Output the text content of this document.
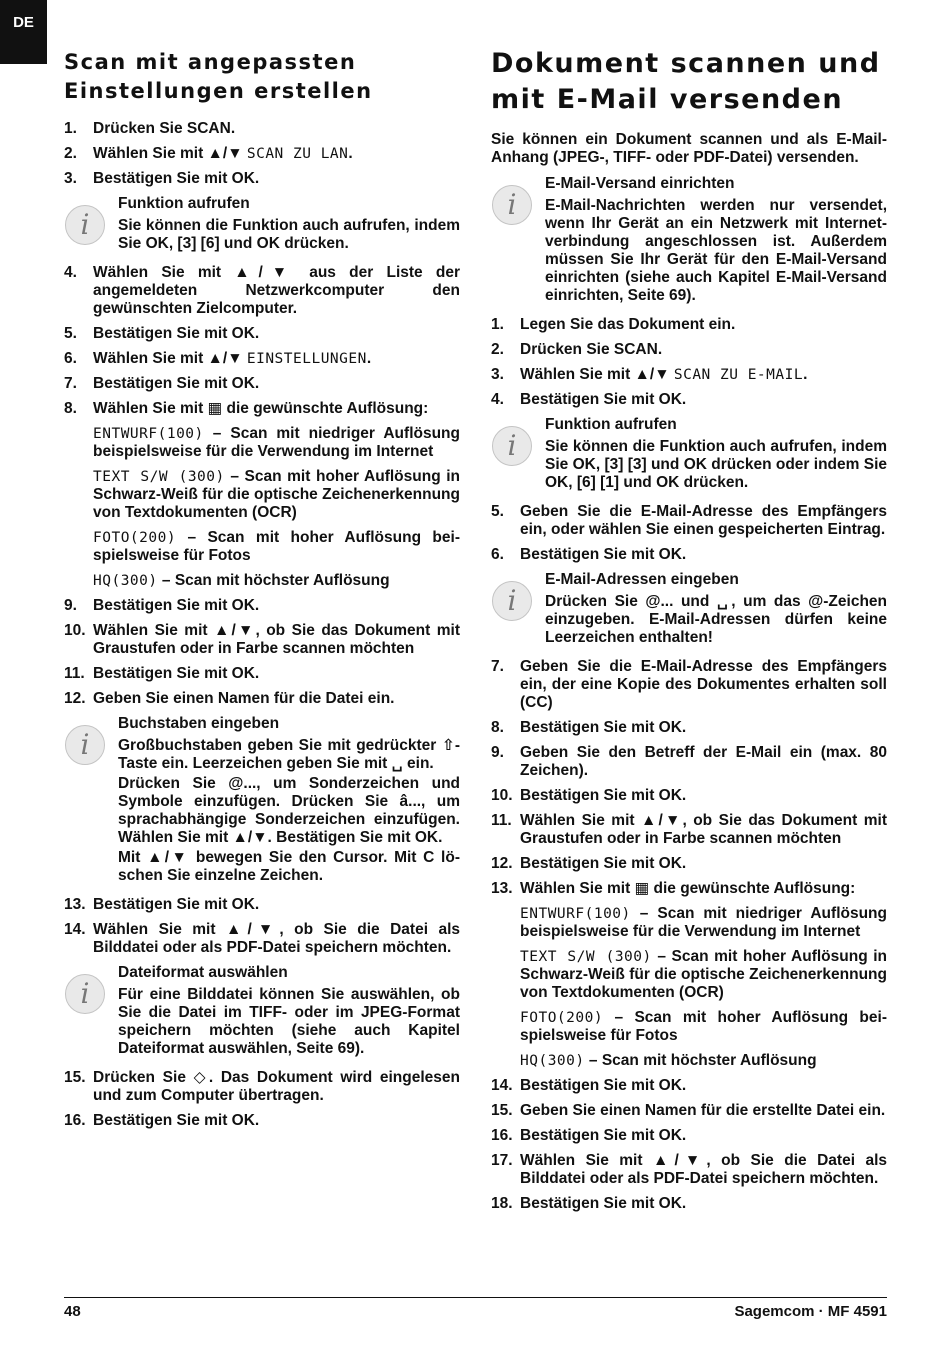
DE
Scan mit angepassten Einstellungen erstellen
1.	Drücken Sie SCAN.
2.	Wählen Sie mit ▲/▼ SCAN ZU LAN.
3.	Bestätigen Sie mit OK.
i
Funktion aufrufen

Sie können die Funktion auch aufrufen, indem Sie OK, [3] [6] und OK drücken.

4.	Wählen Sie mit ▲/▼ aus der Liste der angemeldeten Netzwerkcomputer den gewünschten Zielcomputer.
5.	Bestätigen Sie mit OK.
6.	Wählen Sie mit ▲/▼ EINSTELLUNGEN.
7.	Bestätigen Sie mit OK.
8.	Wählen Sie mit ▦ die gewünschte Auflösung:
ENTWURF(100) – Scan mit niedriger Auflösung beispielsweise für die Verwendung im Internet
TEXT S/W (300) – Scan mit hoher Auflösung in Schwarz-Weiß für die optische Zeichenerkennung von Textdokumenten (OCR)
FOTO(200) – Scan mit hoher Auflösung beispielsweise für Fotos
HQ(300) – Scan mit höchster Auflösung
9.	Bestätigen Sie mit OK.
10. Wählen Sie mit ▲/▼, ob Sie das Dokument mit Graustufen oder in Farbe scannen möchten
11. Bestätigen Sie mit OK.
12. Geben Sie einen Namen für die Datei ein.
i
Buchstaben eingeben

Großbuchstaben geben Sie mit gedrückter ⇧-Taste ein. Leerzeichen geben Sie mit ␣ ein.

Drücken Sie @..., um Sonderzeichen und Symbole einzufügen. Drücken Sie â..., um sprachabhängige Sonderzeichen einzufügen. Wählen Sie mit ▲/▼. Bestätigen Sie mit OK.

Mit ▲/▼ bewegen Sie den Cursor. Mit C löschen Sie einzelne Zeichen.

13. Bestätigen Sie mit OK.
14. Wählen Sie mit ▲/▼, ob Sie die Datei als Bilddatei oder als PDF-Datei speichern möchten.
i
Dateiformat auswählen

Für eine Bilddatei können Sie auswählen, ob Sie die Datei im TIFF- oder im JPEG-Format speichern möchten (siehe auch Kapitel Dateiformat auswählen, Seite 69).

15. Drücken Sie ◇. Das Dokument wird eingelesen und zum Computer übertragen.
16. Bestätigen Sie mit OK.
Dokument scannen und mit E-Mail versenden
Sie können ein Dokument scannen und als E-Mail-Anhang (JPEG-, TIFF- oder PDF-Datei) versenden.
i
E-Mail-Versand einrichten

E-Mail-Nachrichten werden nur versendet, wenn Ihr Gerät an ein Netzwerk mit Internetverbindung angeschlossen ist. Außerdem müssen Sie Ihr Gerät für den E-Mail-Versand einrichten (siehe auch Kapitel E-Mail-Versand einrichten, Seite 69).

1.	Legen Sie das Dokument ein.
2.	Drücken Sie SCAN.
3.	Wählen Sie mit ▲/▼ SCAN ZU E-MAIL.
4.	Bestätigen Sie mit OK.
i
Funktion aufrufen

Sie können die Funktion auch aufrufen, indem Sie OK, [3] [3] und OK drücken oder indem Sie OK, [6] [1] und OK drücken.

5.	Geben Sie die E-Mail-Adresse des Empfängers ein, oder wählen Sie einen gespeicherten Eintrag.
6.	Bestätigen Sie mit OK.
i
E-Mail-Adressen eingeben

Drücken Sie @... und ␣, um das @-Zeichen einzugeben. E-Mail-Adressen dürfen keine Leerzeichen enthalten!

7.	Geben Sie die E-Mail-Adresse des Empfängers ein, der eine Kopie des Dokumentes erhalten soll (CC)
8.	Bestätigen Sie mit OK.
9.	Geben Sie den Betreff der E-Mail ein (max. 80 Zeichen).
10. Bestätigen Sie mit OK.
11. Wählen Sie mit ▲/▼, ob Sie das Dokument mit Graustufen oder in Farbe scannen möchten
12. Bestätigen Sie mit OK.
13. Wählen Sie mit ▦ die gewünschte Auflösung:
ENTWURF(100) – Scan mit niedriger Auflösung beispielsweise für die Verwendung im Internet
TEXT S/W (300) – Scan mit hoher Auflösung in Schwarz-Weiß für die optische Zeichenerkennung von Textdokumenten (OCR)
FOTO(200) – Scan mit hoher Auflösung beispielsweise für Fotos
HQ(300) – Scan mit höchster Auflösung
14. Bestätigen Sie mit OK.
15. Geben Sie einen Namen für die erstellte Datei ein.
16. Bestätigen Sie mit OK.
17. Wählen Sie mit ▲/▼, ob Sie die Datei als Bilddatei oder als PDF-Datei speichern möchten.
18. Bestätigen Sie mit OK.
48	Sagemcom · MF 4591
